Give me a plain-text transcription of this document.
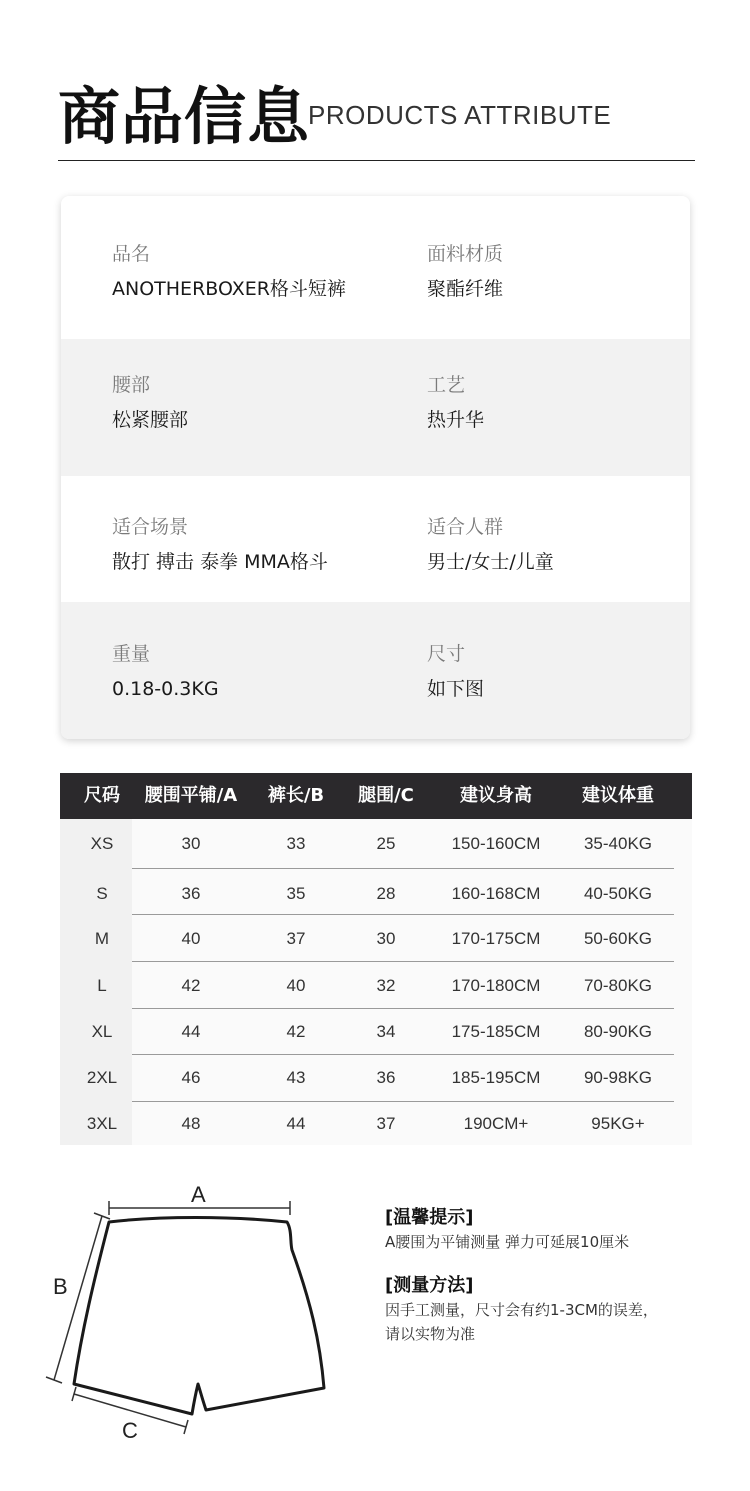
商品信息
PRODUCTS ATTRIBUTE
品名
ANOTHERBOXER格斗短裤
面料材质
聚酯纤维
腰部
松紧腰部
工艺
热升华
适合场景
散打 搏击 泰拳 MMA格斗
适合人群
男士/女士/儿童
重量
0.18-0.3KG
尺寸
如下图
尺码	腰围平铺/A	裤长/B	腿围/C	建议身高	建议体重
XS	30	33	25	150-160CM	35-40KG
S	36	35	28	160-168CM	40-50KG
M	40	37	30	170-175CM	50-60KG
L	42	40	32	170-180CM	70-80KG
XL	44	42	34	175-185CM	80-90KG
2XL	46	43	36	185-195CM	90-98KG
3XL	48	44	37	190CM+	95KG+
A
B
C
[温馨提示]
A腰围为平铺测量 弹力可延展10厘米
[测量方法]
因手工测量，尺寸会有约1-3CM的误差，
请以实物为准
